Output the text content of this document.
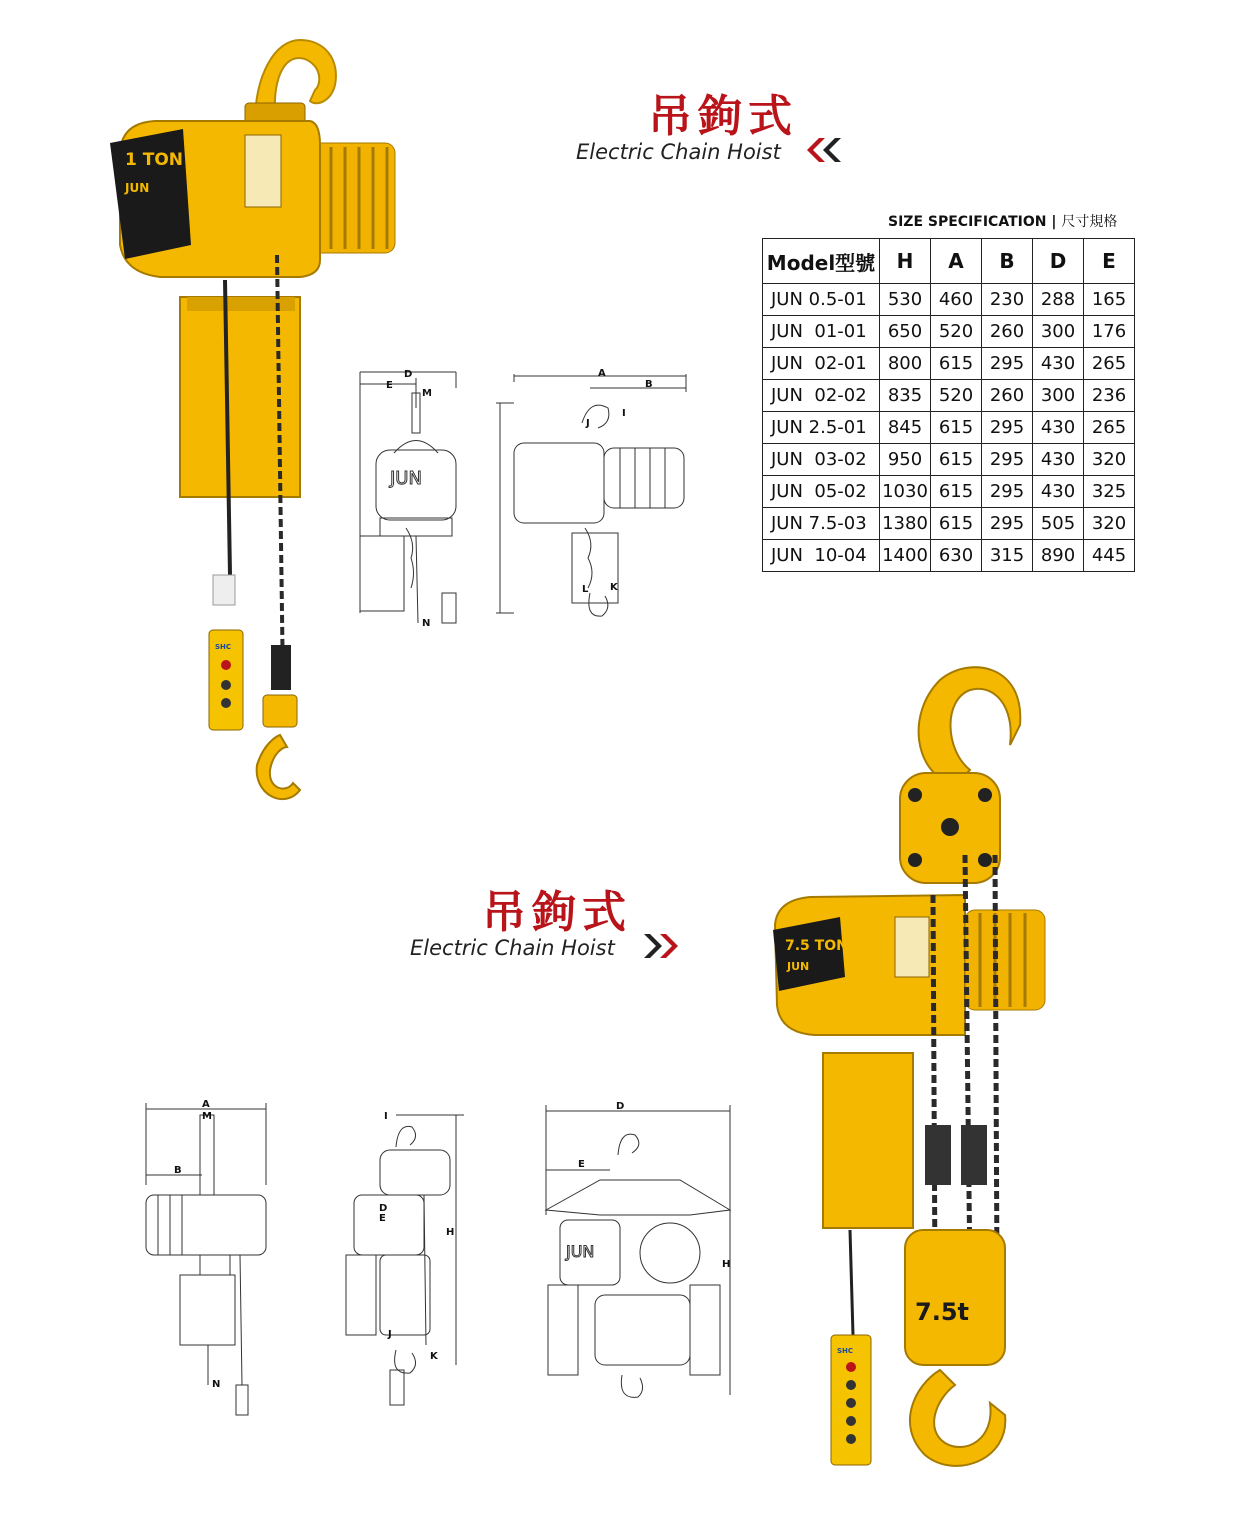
吊鉤式
Electric Chain Hoist
SIZE SPECIFICATION | 尺寸規格
Model型號	H	A	B	D	E
JUN 0.5-01	530	460	230	288	165
JUN  01-01	650	520	260	300	176
JUN  02-01	800	615	295	430	265
JUN  02-02	835	520	260	300	236
JUN 2.5-01	845	615	295	430	265
JUN  03-02	950	615	295	430	320
JUN  05-02	1030	615	295	430	325
JUN 7.5-03	1380	615	295	505	320
JUN  10-04	1400	630	315	890	445
1 TON
JUN
SHC
D
E
M
JUN
N
A
B
I
J
L K
吊鉤式
Electric Chain Hoist
A
M
B
N
I
D
E
H
J
K
D
E
JUN
H
7.5 TON
JUN
7.5t
SHC
